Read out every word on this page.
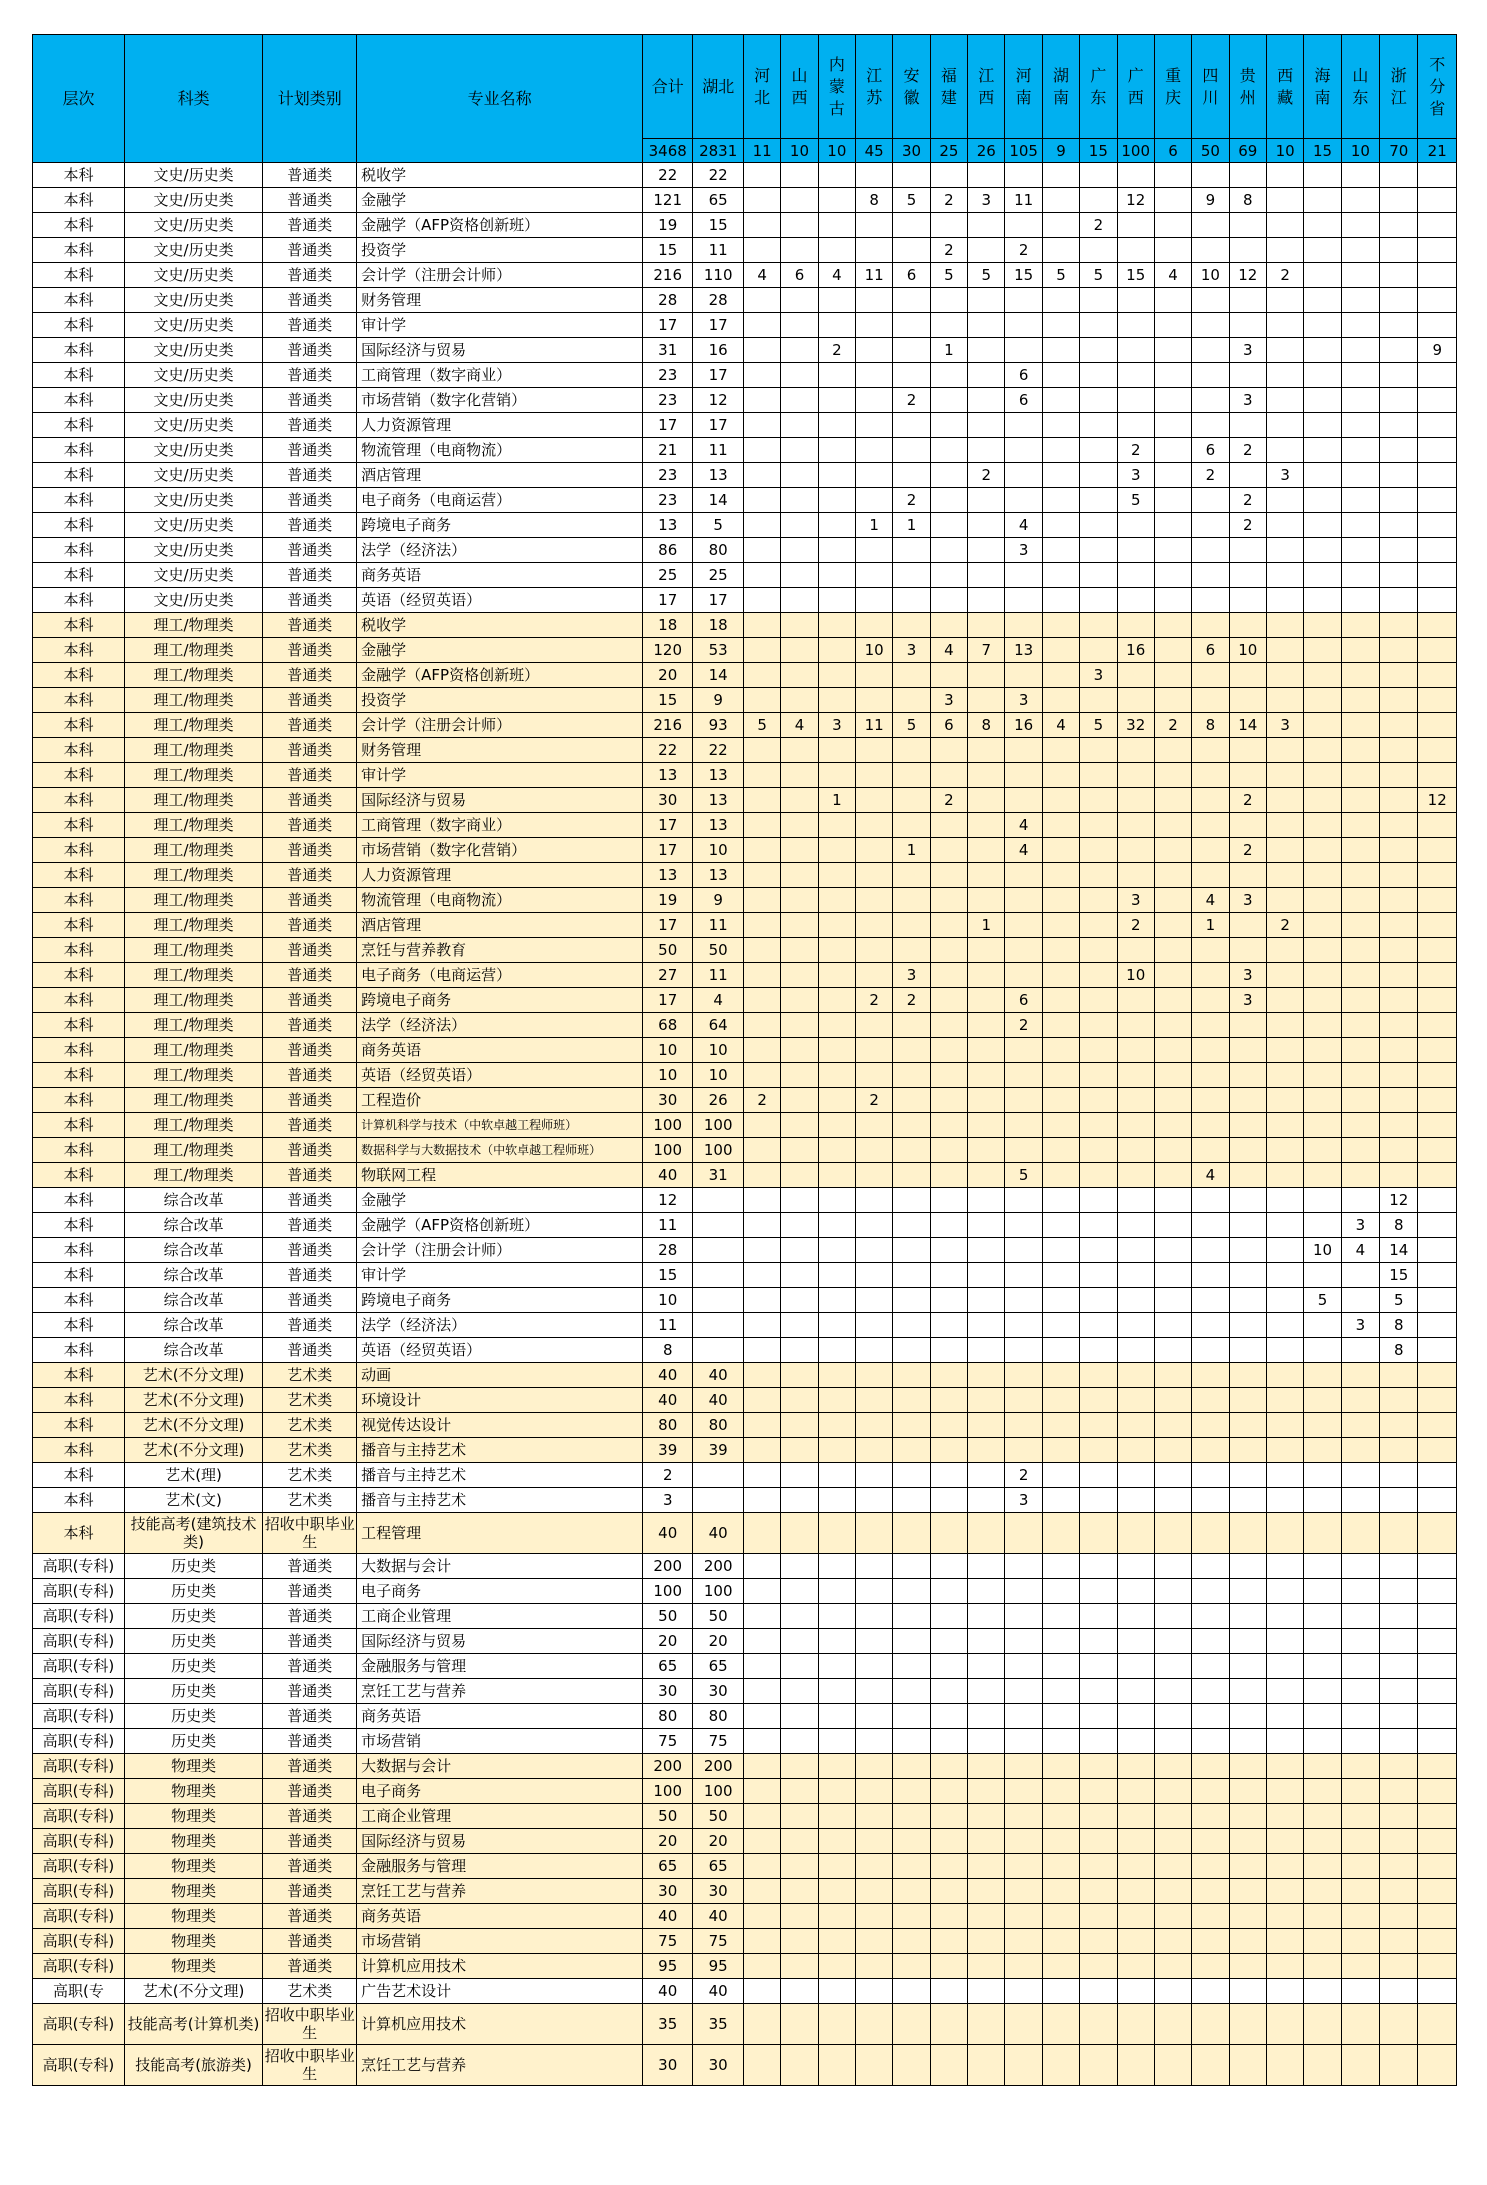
层次	科类	计划类别	专业名称	合计	湖北	河北	山西	内蒙古	江苏	安徽	福建	江西	河南	湖南	广东	广西	重庆	四川	贵州	西藏	海南	山东	浙江	不分省
				3468	2831	11	10	10	45	30	25	26	105	9	15	100	6	50	69	10	15	10	70	21
本科	文史/历史类	普通类	税收学	22	22																			
本科	文史/历史类	普通类	金融学	121	65				8	5	2	3	11			12		9	8					
本科	文史/历史类	普通类	金融学（AFP资格创新班）	19	15										2									
本科	文史/历史类	普通类	投资学	15	11						2		2											
本科	文史/历史类	普通类	会计学（注册会计师）	216	110	4	6	4	11	6	5	5	15	5	5	15	4	10	12	2				
本科	文史/历史类	普通类	财务管理	28	28																			
本科	文史/历史类	普通类	审计学	17	17																			
本科	文史/历史类	普通类	国际经济与贸易	31	16			2			1								3					9
本科	文史/历史类	普通类	工商管理（数字商业）	23	17								6											
本科	文史/历史类	普通类	市场营销（数字化营销）	23	12					2			6						3					
本科	文史/历史类	普通类	人力资源管理	17	17																			
本科	文史/历史类	普通类	物流管理（电商物流）	21	11											2		6	2					
本科	文史/历史类	普通类	酒店管理	23	13							2				3		2		3				
本科	文史/历史类	普通类	电子商务（电商运营）	23	14					2						5			2					
本科	文史/历史类	普通类	跨境电子商务	13	5				1	1			4						2					
本科	文史/历史类	普通类	法学（经济法）	86	80								3											
本科	文史/历史类	普通类	商务英语	25	25																			
本科	文史/历史类	普通类	英语（经贸英语）	17	17																			
本科	理工/物理类	普通类	税收学	18	18																			
本科	理工/物理类	普通类	金融学	120	53				10	3	4	7	13			16		6	10					
本科	理工/物理类	普通类	金融学（AFP资格创新班）	20	14										3									
本科	理工/物理类	普通类	投资学	15	9						3		3											
本科	理工/物理类	普通类	会计学（注册会计师）	216	93	5	4	3	11	5	6	8	16	4	5	32	2	8	14	3				
本科	理工/物理类	普通类	财务管理	22	22																			
本科	理工/物理类	普通类	审计学	13	13																			
本科	理工/物理类	普通类	国际经济与贸易	30	13			1			2								2					12
本科	理工/物理类	普通类	工商管理（数字商业）	17	13								4											
本科	理工/物理类	普通类	市场营销（数字化营销）	17	10					1			4						2					
本科	理工/物理类	普通类	人力资源管理	13	13																			
本科	理工/物理类	普通类	物流管理（电商物流）	19	9											3		4	3					
本科	理工/物理类	普通类	酒店管理	17	11							1				2		1		2				
本科	理工/物理类	普通类	烹饪与营养教育	50	50																			
本科	理工/物理类	普通类	电子商务（电商运营）	27	11					3						10			3					
本科	理工/物理类	普通类	跨境电子商务	17	4				2	2			6						3					
本科	理工/物理类	普通类	法学（经济法）	68	64								2											
本科	理工/物理类	普通类	商务英语	10	10																			
本科	理工/物理类	普通类	英语（经贸英语）	10	10																			
本科	理工/物理类	普通类	工程造价	30	26	2			2															
本科	理工/物理类	普通类	计算机科学与技术（中软卓越工程师班）	100	100																			
本科	理工/物理类	普通类	数据科学与大数据技术（中软卓越工程师班）	100	100																			
本科	理工/物理类	普通类	物联网工程	40	31								5					4						
本科	综合改革	普通类	金融学	12																			12	
本科	综合改革	普通类	金融学（AFP资格创新班）	11																		3	8	
本科	综合改革	普通类	会计学（注册会计师）	28																	10	4	14	
本科	综合改革	普通类	审计学	15																			15	
本科	综合改革	普通类	跨境电子商务	10																	5		5	
本科	综合改革	普通类	法学（经济法）	11																		3	8	
本科	综合改革	普通类	英语（经贸英语）	8																			8	
本科	艺术(不分文理)	艺术类	动画	40	40																			
本科	艺术(不分文理)	艺术类	环境设计	40	40																			
本科	艺术(不分文理)	艺术类	视觉传达设计	80	80																			
本科	艺术(不分文理)	艺术类	播音与主持艺术	39	39																			
本科	艺术(理)	艺术类	播音与主持艺术	2									2											
本科	艺术(文)	艺术类	播音与主持艺术	3									3											
本科	技能高考(建筑技术类)	招收中职毕业生	工程管理	40	40																			
高职(专科)	历史类	普通类	大数据与会计	200	200																			
高职(专科)	历史类	普通类	电子商务	100	100																			
高职(专科)	历史类	普通类	工商企业管理	50	50																			
高职(专科)	历史类	普通类	国际经济与贸易	20	20																			
高职(专科)	历史类	普通类	金融服务与管理	65	65																			
高职(专科)	历史类	普通类	烹饪工艺与营养	30	30																			
高职(专科)	历史类	普通类	商务英语	80	80																			
高职(专科)	历史类	普通类	市场营销	75	75																			
高职(专科)	物理类	普通类	大数据与会计	200	200																			
高职(专科)	物理类	普通类	电子商务	100	100																			
高职(专科)	物理类	普通类	工商企业管理	50	50																			
高职(专科)	物理类	普通类	国际经济与贸易	20	20																			
高职(专科)	物理类	普通类	金融服务与管理	65	65																			
高职(专科)	物理类	普通类	烹饪工艺与营养	30	30																			
高职(专科)	物理类	普通类	商务英语	40	40																			
高职(专科)	物理类	普通类	市场营销	75	75																			
高职(专科)	物理类	普通类	计算机应用技术	95	95																			
高职(专	艺术(不分文理)	艺术类	广告艺术设计	40	40																			
高职(专科)	技能高考(计算机类)	招收中职毕业生	计算机应用技术	35	35																			
高职(专科)	技能高考(旅游类)	招收中职毕业生	烹饪工艺与营养	30	30																			
